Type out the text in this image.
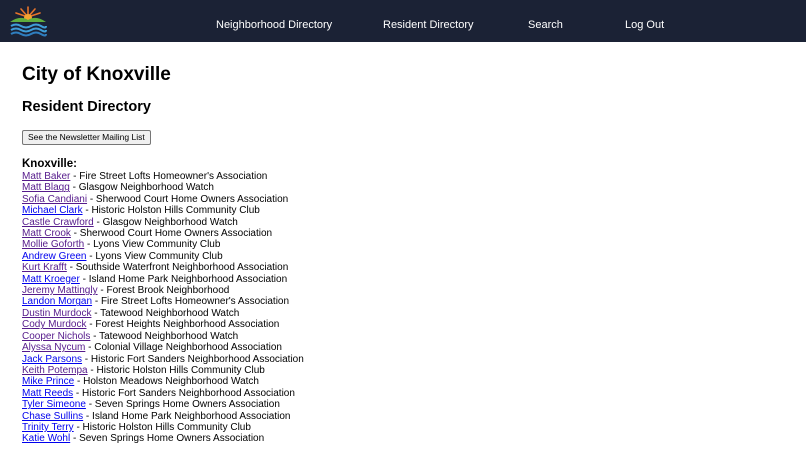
Neighborhood Directory	Resident Directory	Search	Log Out
City of Knoxville
Resident Directory
See the Newsletter Mailing List
Knoxville:
Matt Baker - Fire Street Lofts Homeowner's Association
Matt Blagg - Glasgow Neighborhood Watch
Sofia Candiani - Sherwood Court Home Owners Association
Michael Clark - Historic Holston Hills Community Club
Castle Crawford - Glasgow Neighborhood Watch
Matt Crook - Sherwood Court Home Owners Association
Mollie Goforth - Lyons View Community Club
Andrew Green - Lyons View Community Club
Kurt Krafft - Southside Waterfront Neighborhood Association
Matt Kroeger - Island Home Park Neighborhood Association
Jeremy Mattingly - Forest Brook Neighborhood
Landon Morgan - Fire Street Lofts Homeowner's Association
Dustin Murdock - Tatewood Neighborhood Watch
Cody Murdock - Forest Heights Neighborhood Association
Cooper Nichols - Tatewood Neighborhood Watch
Alyssa Nycum - Colonial Village Neighborhood Association
Jack Parsons - Historic Fort Sanders Neighborhood Association
Keith Potempa - Historic Holston Hills Community Club
Mike Prince - Holston Meadows Neighborhood Watch
Matt Reeds - Historic Fort Sanders Neighborhood Association
Tyler Simeone - Seven Springs Home Owners Association
Chase Sullins - Island Home Park Neighborhood Association
Trinity Terry - Historic Holston Hills Community Club
Katie Wohl - Seven Springs Home Owners Association
